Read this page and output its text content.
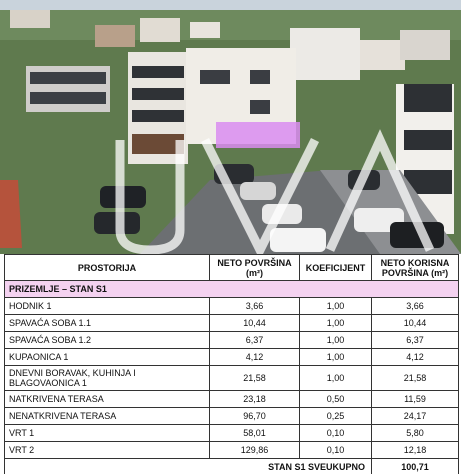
PROSTORIJA	NETO POVRŠINA (m²)	KOEFICIJENT	NETO KORISNA POVRŠINA (m²)
PRIZEMLJE – STAN S1			
HODNIK 1	3,66	1,00	3,66
SPAVAĆA SOBA 1.1	10,44	1,00	10,44
SPAVAĆA SOBA 1.2	6,37	1,00	6,37
KUPAONICA 1	4,12	1,00	4,12
DNEVNI BORAVAK, KUHINJA I BLAGOVAONICA 1	21,58	1,00	21,58
NATKRIVENA TERASA	23,18	0,50	11,59
NENATKRIVENA TERASA	96,70	0,25	24,17
VRT 1	58,01	0,10	5,80
VRT 2	129,86	0,10	12,18
STAN S1 SVEUKUPNO			100,71
